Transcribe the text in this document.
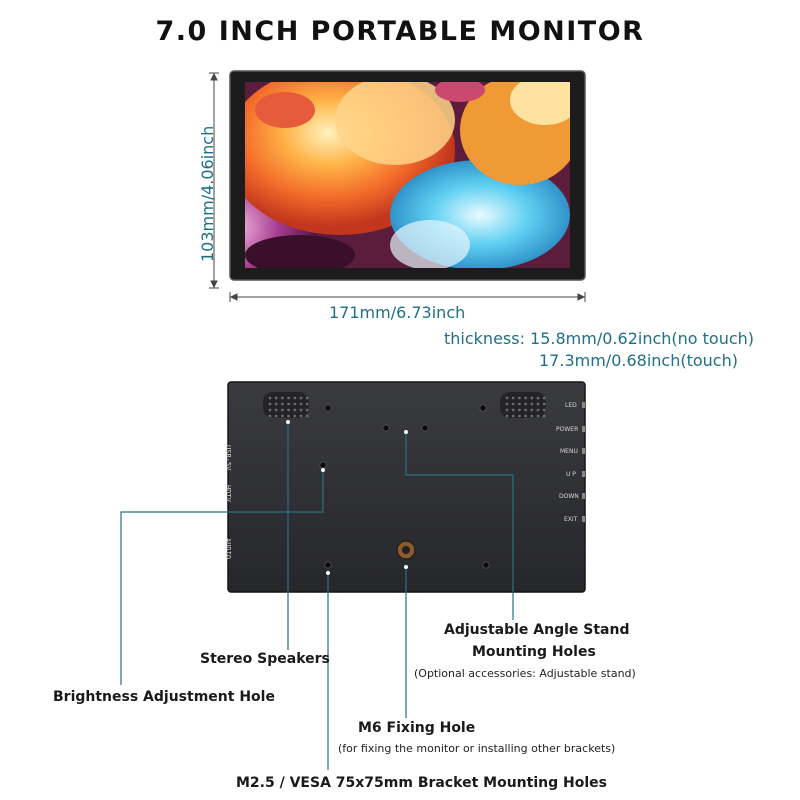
7.0 INCH PORTABLE MONITOR
103mm/4.06inch
171mm/6.73inch
thickness: 15.8mm/0.62inch(no touch)
17.3mm/0.68inch(touch)
USB-5V
HDTV
AUDIO
LED
POWER
MENU
U P
DOWN
EXIT
Adjustable Angle Stand
Mounting Holes
(Optional accessories: Adjustable stand)
Stereo Speakers
Brightness Adjustment Hole
M6 Fixing Hole
(for fixing the monitor or installing other brackets)
M2.5 / VESA 75x75mm Bracket Mounting Holes
